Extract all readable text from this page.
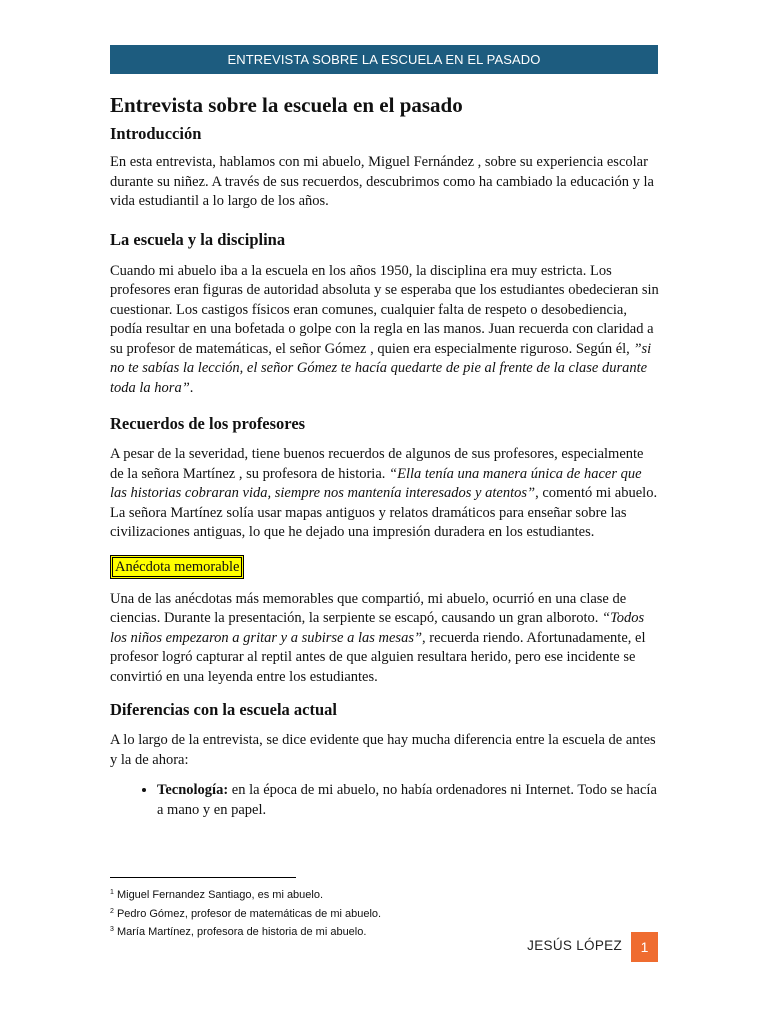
ENTREVISTA SOBRE LA ESCUELA EN EL PASADO
Entrevista sobre la escuela en el pasado
Introducción

En esta entrevista, hablamos con mi abuelo, Miguel Fernández , sobre su experiencia escolar durante su niñez. A través de sus recuerdos, descubrimos como ha cambiado la educación y la vida estudiantil a lo largo de los años.

La escuela y la disciplina

Cuando mi abuelo iba a la escuela en los años 1950, la disciplina era muy estricta. Los profesores eran figuras de autoridad absoluta y se esperaba que los estudiantes obedecieran sin cuestionar. Los castigos físicos eran comunes, cualquier falta de respeto o desobediencia, podía resultar en una bofetada o golpe con la regla en las manos. Juan recuerda con claridad a su profesor de matemáticas, el señor Gómez , quien era especialmente riguroso. Según él, ”si no te sabías la lección, el señor Gómez te hacía quedarte de pie al frente de la clase durante toda la hora”.

Recuerdos de los profesores

A pesar de la severidad, tiene buenos recuerdos de algunos de sus profesores, especialmente de la señora Martínez , su profesora de historia. “Ella tenía una manera única de hacer que las historias cobraran vida, siempre nos mantenía interesados y atentos”, comentó mi abuelo. La señora Martínez solía usar mapas antiguos y relatos dramáticos para enseñar sobre las civilizaciones antiguas, lo que he dejado una impresión duradera en los estudiantes.

Anécdota memorable

Una de las anécdotas más memorables que compartió, mi abuelo, ocurrió en una clase de ciencias. Durante la presentación, la serpiente se escapó, causando un gran alboroto. “Todos los niños empezaron a gritar y a subirse a las mesas”, recuerda riendo. Afortunadamente, el profesor logró capturar al reptil antes de que alguien resultara herido, pero ese incidente se convirtió en una leyenda entre los estudiantes.

Diferencias con la escuela actual

A lo largo de la entrevista, se dice evidente que hay mucha diferencia entre la escuela de antes y la de ahora:

• Tecnología: en la época de mi abuelo, no había ordenadores ni Internet. Todo se hacía a mano y en papel.
$^1$ Miguel Fernandez Santiago, es mi abuelo.
$^2$ Pedro Gómez, profesor de matemáticas de mi abuelo.
$^3$ María Martínez, profesora de historia de mi abuelo.
JESÚS LÓPEZ 1
